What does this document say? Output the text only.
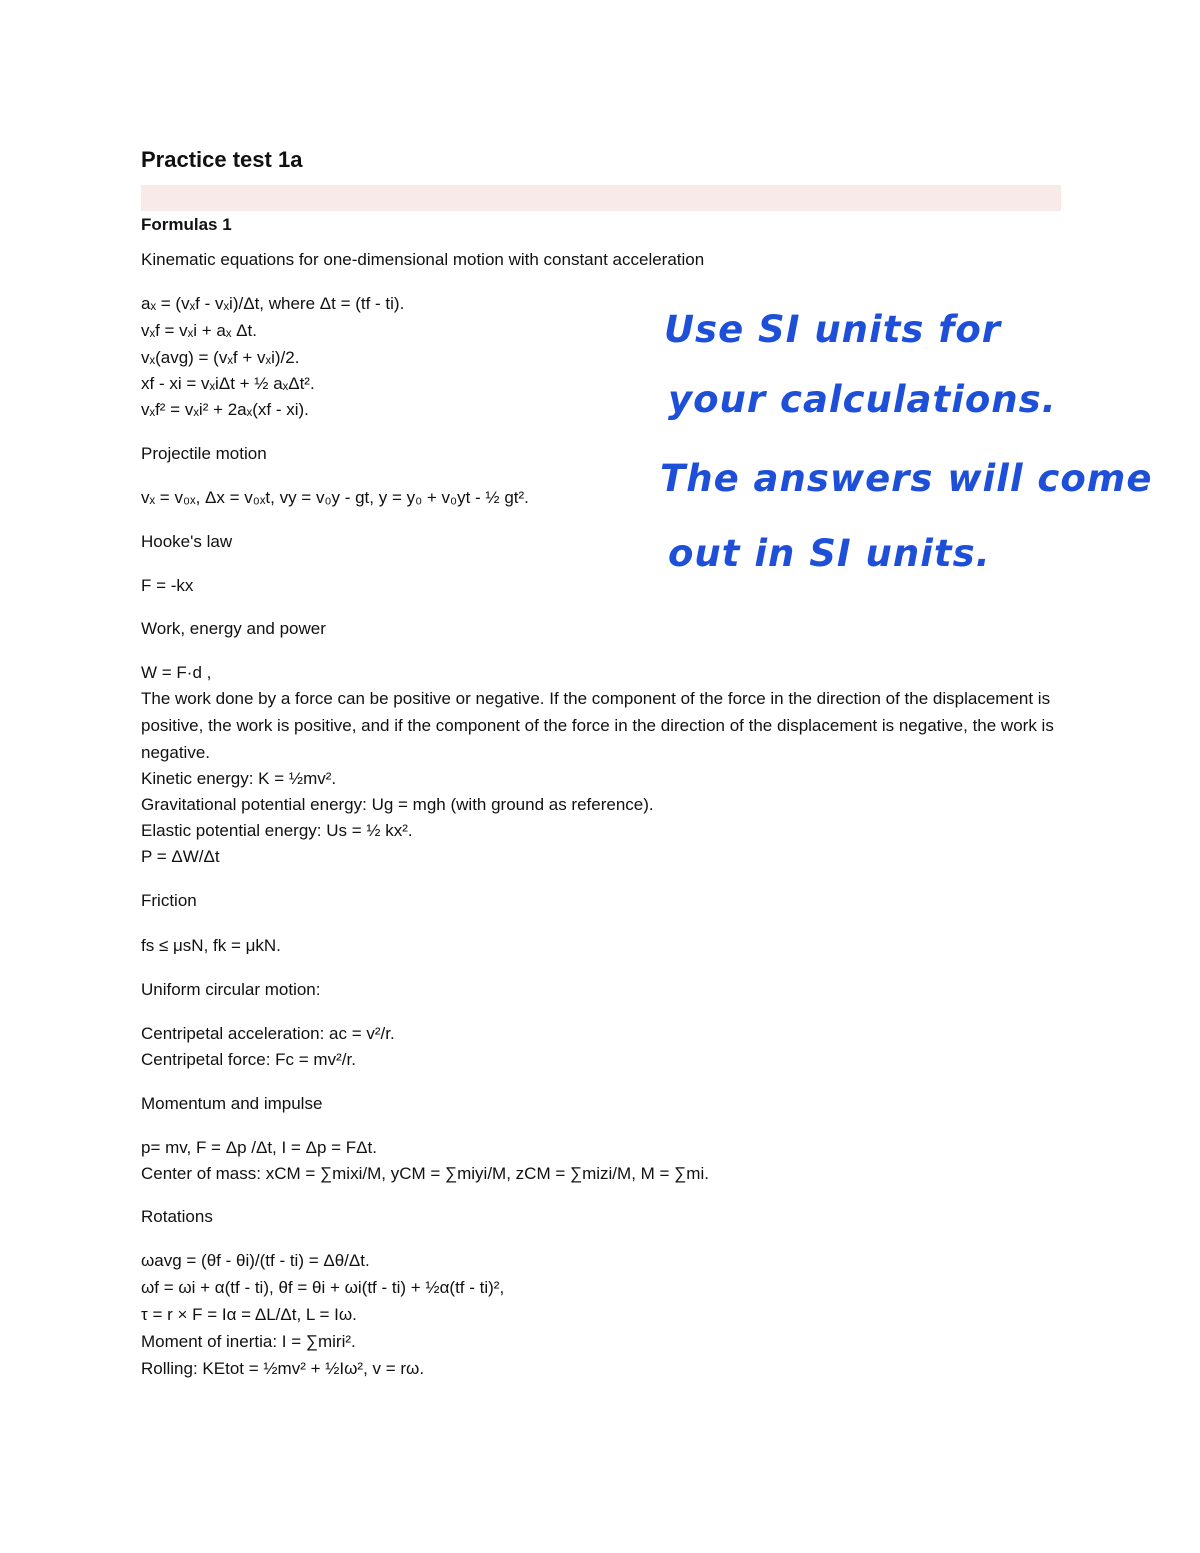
Practice test 1a
Formulas 1
Kinematic equations for one-dimensional motion with constant acceleration
aₓ = (vₓf - vₓi)/Δt, where Δt = (tf - ti).
vₓf = vₓi + aₓ Δt.
vₓ(avg) = (vₓf + vₓi)/2.
xf - xi = vₓiΔt + ½ aₓΔt².
vₓf² = vₓi² + 2aₓ(xf - xi).
Projectile motion
vₓ = v₀ₓ, Δx = v₀ₓt, vy = v₀y - gt, y = y₀ + v₀yt - ½ gt².
Hooke's law
F = -kx
Work, energy and power
W = F·d ,
The work done by a force can be positive or negative. If the component of the force in the direction of the displacement is positive, the work is positive, and if the component of the force in the direction of the displacement is negative, the work is negative.
Kinetic energy: K = ½mv².
Gravitational potential energy: Ug = mgh (with ground as reference).
Elastic potential energy: Us = ½ kx².
P = ΔW/Δt
Friction
fs ≤ μsN, fk = μkN.
Uniform circular motion:
Centripetal acceleration: ac = v²/r.
Centripetal force: Fc = mv²/r.
Momentum and impulse
p= mv, F = Δp /Δt, I = Δp = FΔt.
Center of mass: xCM = ∑mixi/M, yCM = ∑miyi/M, zCM = ∑mizi/M, M = ∑mi.
Rotations
ωavg = (θf - θi)/(tf - ti) = Δθ/Δt.
ωf = ωi + α(tf - ti), θf = θi + ωi(tf - ti) + ½α(tf - ti)²,
τ = r × F = Iα = ΔL/Δt, L = Iω.
Moment of inertia: I = ∑miri².
Rolling: KEtot = ½mv² + ½Iω², v = rω.
Use SI units for
your calculations.
The answers will come
out in SI units.
